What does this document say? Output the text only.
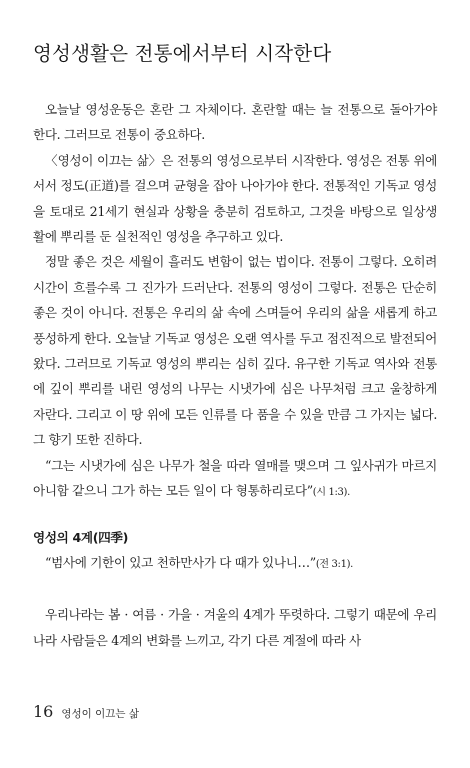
영성생활은 전통에서부터 시작한다

오늘날 영성운동은 혼란 그 자체이다. 혼란할 때는 늘 전통으로 돌아가야 한다. 그러므로 전통이 중요하다.

〈영성이 이끄는 삶〉은 전통의 영성으로부터 시작한다. 영성은 전통 위에 서서 정도(正道)를 걸으며 균형을 잡아 나아가야 한다. 전통적인 기독교 영성을 토대로 21세기 현실과 상황을 충분히 검토하고, 그것을 바탕으로 일상생활에 뿌리를 둔 실천적인 영성을 추구하고 있다.

정말 좋은 것은 세월이 흘러도 변함이 없는 법이다. 전통이 그렇다. 오히려 시간이 흐를수록 그 진가가 드러난다. 전통의 영성이 그렇다. 전통은 단순히 좋은 것이 아니다. 전통은 우리의 삶 속에 스며들어 우리의 삶을 새롭게 하고 풍성하게 한다. 오늘날 기독교 영성은 오랜 역사를 두고 점진적으로 발전되어 왔다. 그러므로 기독교 영성의 뿌리는 심히 깊다. 유구한 기독교 역사와 전통에 깊이 뿌리를 내린 영성의 나무는 시냇가에 심은 나무처럼 크고 울창하게 자란다. 그리고 이 땅 위에 모든 인류를 다 품을 수 있을 만큼 그 가지는 넓다. 그 향기 또한 진하다.

“그는 시냇가에 심은 나무가 철을 따라 열매를 맺으며 그 잎사귀가 마르지 아니함 같으니 그가 하는 모든 일이 다 형통하리로다”(시 1:3).

영성의 4계(四季)

“범사에 기한이 있고 천하만사가 다 때가 있나니…”(전 3:1).

우리나라는 봄 · 여름 · 가을 · 겨울의 4계가 뚜렷하다. 그렇기 때문에 우리나라 사람들은 4계의 변화를 느끼고, 각기 다른 계절에 따라 사

16 영성이 이끄는 삶
